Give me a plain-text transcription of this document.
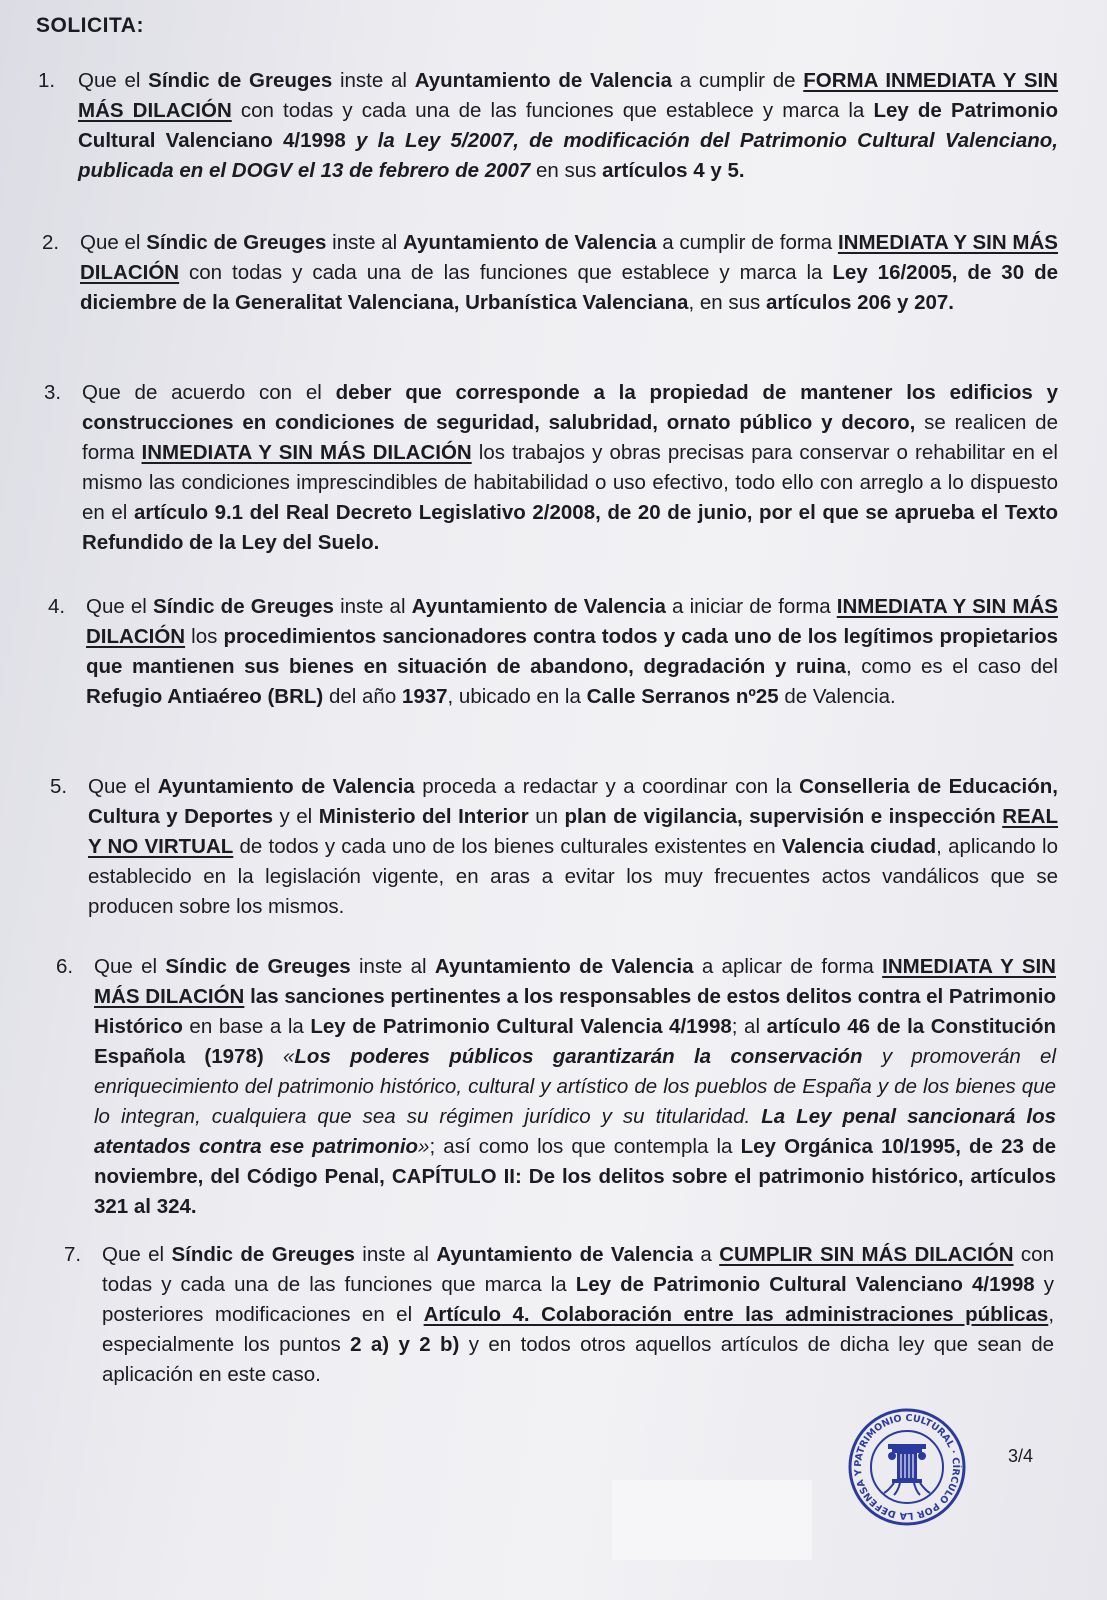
SOLICITA:
1. Que el Síndic de Greuges inste al Ayuntamiento de Valencia a cumplir de FORMA INMEDIATA Y SIN MÁS DILACIÓN con todas y cada una de las funciones que establece y marca la Ley de Patrimonio Cultural Valenciano 4/1998 y la Ley 5/2007, de modificación del Patrimonio Cultural Valenciano, publicada en el DOGV el 13 de febrero de 2007 en sus artículos 4 y 5.
2. Que el Síndic de Greuges inste al Ayuntamiento de Valencia a cumplir de forma INMEDIATA Y SIN MÁS DILACIÓN con todas y cada una de las funciones que establece y marca la Ley 16/2005, de 30 de diciembre de la Generalitat Valenciana, Urbanística Valenciana, en sus artículos 206 y 207.
3. Que de acuerdo con el deber que corresponde a la propiedad de mantener los edificios y construcciones en condiciones de seguridad, salubridad, ornato público y decoro, se realicen de forma INMEDIATA Y SIN MÁS DILACIÓN los trabajos y obras precisas para conservar o rehabilitar en el mismo las condiciones imprescindibles de habitabilidad o uso efectivo, todo ello con arreglo a lo dispuesto en el artículo 9.1 del Real Decreto Legislativo 2/2008, de 20 de junio, por el que se aprueba el Texto Refundido de la Ley del Suelo.
4. Que el Síndic de Greuges inste al Ayuntamiento de Valencia a iniciar de forma INMEDIATA Y SIN MÁS DILACIÓN los procedimientos sancionadores contra todos y cada uno de los legítimos propietarios que mantienen sus bienes en situación de abandono, degradación y ruina, como es el caso del Refugio Antiaéreo (BRL) del año 1937, ubicado en la Calle Serranos nº25 de Valencia.
5. Que el Ayuntamiento de Valencia proceda a redactar y a coordinar con la Conselleria de Educación, Cultura y Deportes y el Ministerio del Interior un plan de vigilancia, supervisión e inspección REAL Y NO VIRTUAL de todos y cada uno de los bienes culturales existentes en Valencia ciudad, aplicando lo establecido en la legislación vigente, en aras a evitar los muy frecuentes actos vandálicos que se producen sobre los mismos.
6. Que el Síndic de Greuges inste al Ayuntamiento de Valencia a aplicar de forma INMEDIATA Y SIN MÁS DILACIÓN las sanciones pertinentes a los responsables de estos delitos contra el Patrimonio Histórico en base a la Ley de Patrimonio Cultural Valencia 4/1998; al artículo 46 de la Constitución Española (1978) «Los poderes públicos garantizarán la conservación y promoverán el enriquecimiento del patrimonio histórico, cultural y artístico de los pueblos de España y de los bienes que lo integran, cualquiera que sea su régimen jurídico y su titularidad. La Ley penal sancionará los atentados contra ese patrimonio»; así como los que contempla la Ley Orgánica 10/1995, de 23 de noviembre, del Código Penal, CAPÍTULO II: De los delitos sobre el patrimonio histórico, artículos 321 al 324.
7. Que el Síndic de Greuges inste al Ayuntamiento de Valencia a CUMPLIR SIN MÁS DILACIÓN con todas y cada una de las funciones que marca la Ley de Patrimonio Cultural Valenciano 4/1998 y posteriores modificaciones en el Artículo 4. Colaboración entre las administraciones públicas, especialmente los puntos 2 a) y 2 b) y en todos otros aquellos artículos de dicha ley que sean de aplicación en este caso.
PATRIMONIO CULTURAL · CÍRCULO POR LA DEFENSA Y
3/4
